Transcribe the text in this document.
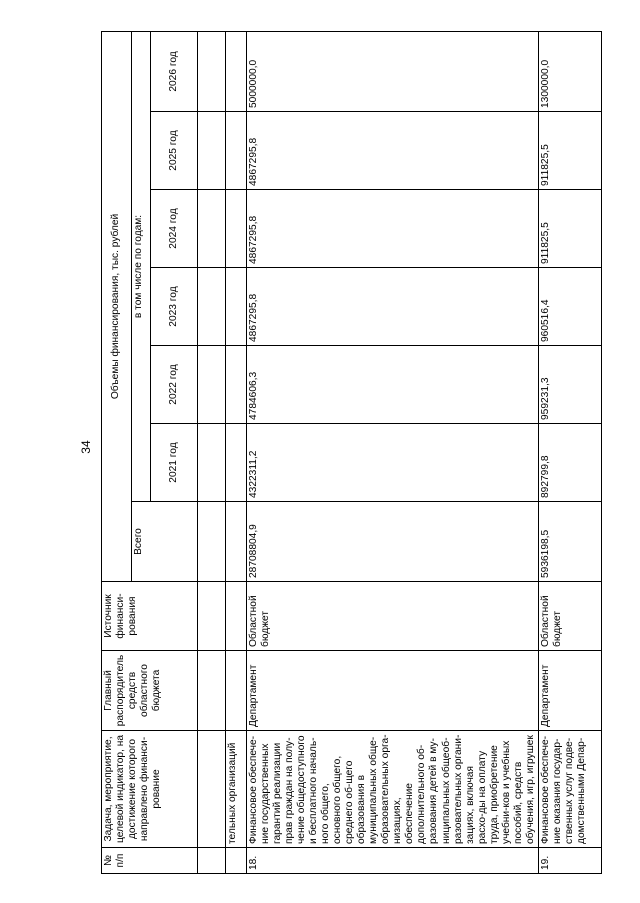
34
№ п/п	Задача, мероприятие, целевой индикатор, на достижение которого направлено финанси-рование	Главный распорядитель средств областного бюджета	Источник финанси-рования	Объемы финансирования, тыс. рублей						
				Всего	в том числе по годам:					
					2021 год	2022 год	2023 год	2024 год	2025 год	2026 год

	тельных организаций									
18.	Финансовое обеспече-ние государственных гарантий реализации прав граждан на полу-чение общедоступного и бесплатного началь-ного общего, основного общего, среднего об-щего образования в муниципальных обще-образовательных орга-низациях, обеспечение дополнительного об-разования детей в му-ниципальных общеоб-разовательных органи-зациях, включая расхо-ды на оплату труда, приобретение учебни-ков и учебных пособий, средств обучения, игр, игрушек	Департамент	Областной бюджет	28708804,9	4322311,2	4784606,3	4867295,8	4867295,8	4867295,8	5000000,0
19.	Финансовое обеспече-ние оказания государ-ственных услуг подве-домственными Депар-	Департамент	Областной бюджет	5936198,5	892799,8	959231,3	960516,4	911825,5	911825,5	1300000,0
